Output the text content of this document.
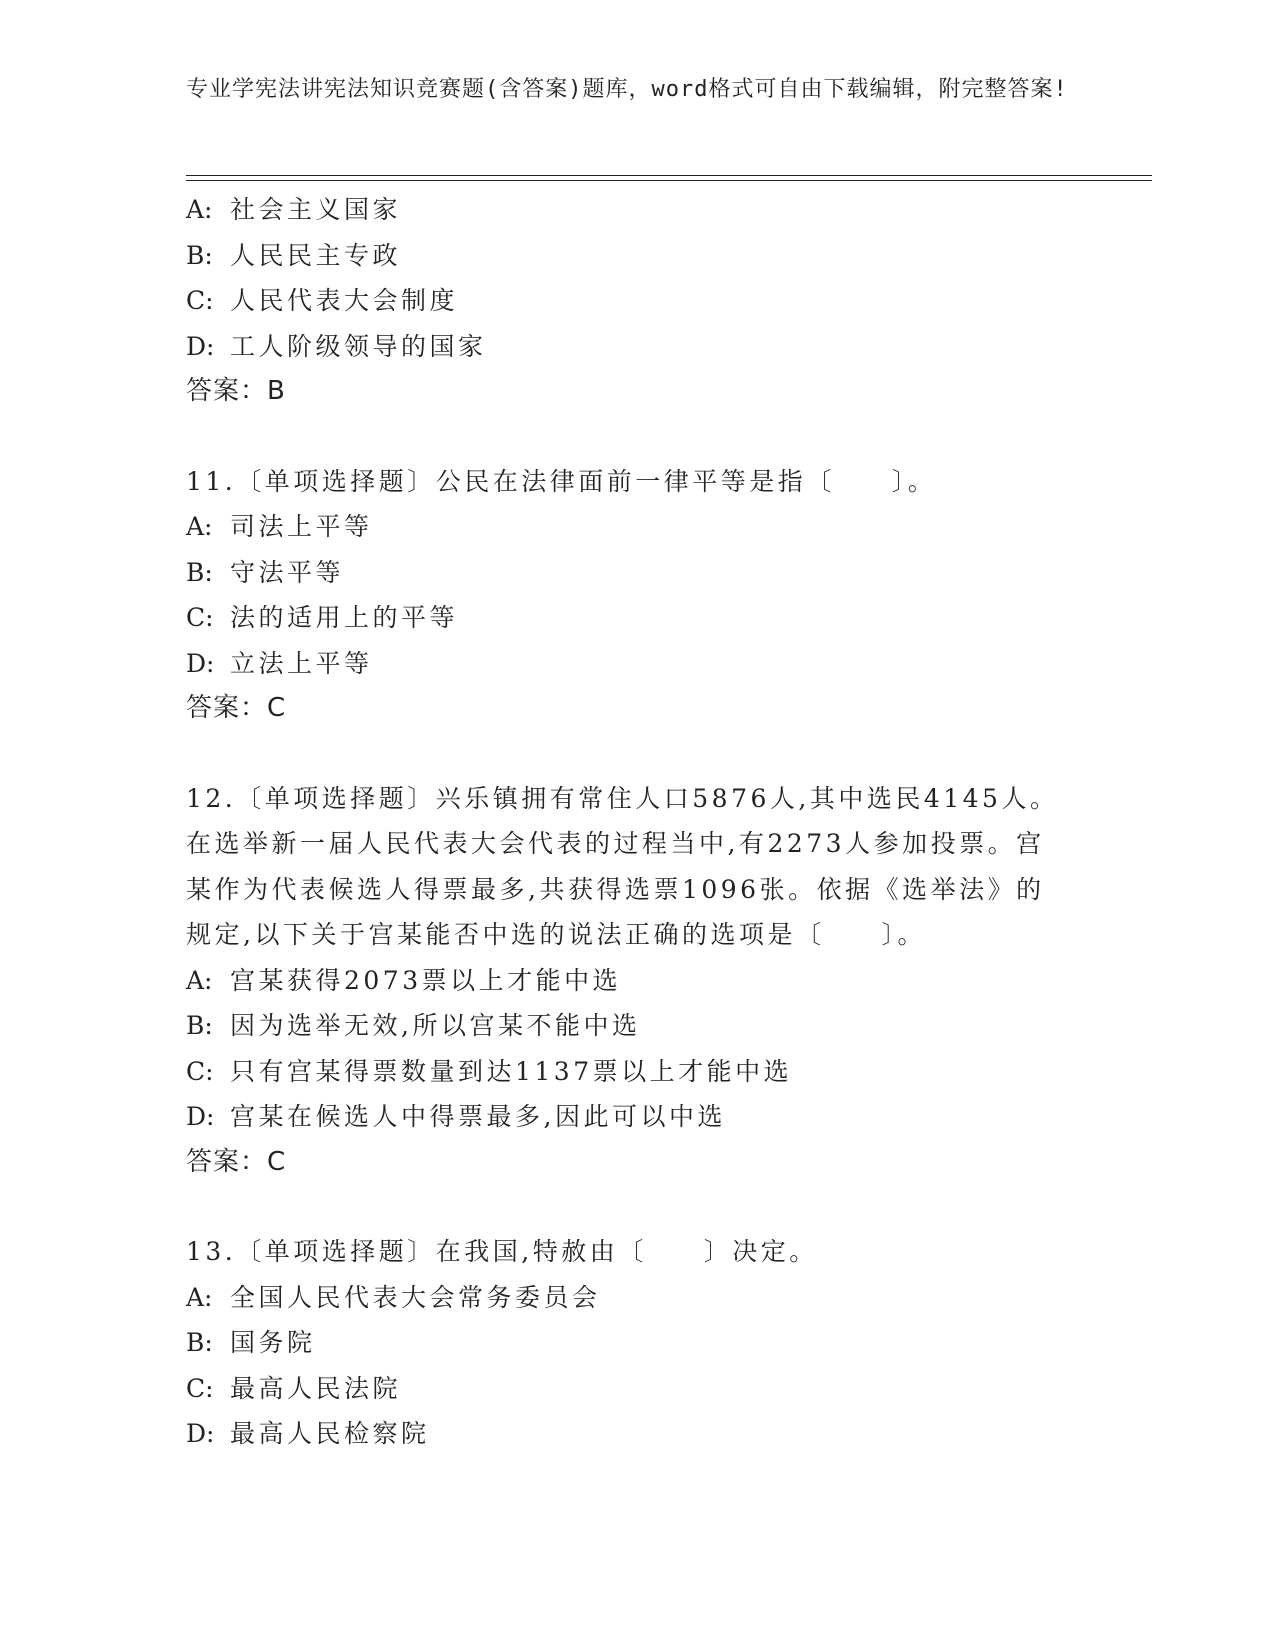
专业学宪法讲宪法知识竞赛题(含答案)题库，word格式可自由下载编辑，附完整答案!
A: 社会主义国家
B: 人民民主专政
C: 人民代表大会制度
D: 工人阶级领导的国家
答案：B
11.〔单项选择题〕公民在法律面前一律平等是指〔　　〕。
A: 司法上平等
B: 守法平等
C: 法的适用上的平等
D: 立法上平等
答案：C
12.〔单项选择题〕兴乐镇拥有常住人口5876人,其中选民4145人。
在选举新一届人民代表大会代表的过程当中,有2273人参加投票。宫
某作为代表候选人得票最多,共获得选票1096张。依据《选举法》的
规定,以下关于宫某能否中选的说法正确的选项是〔　　〕。
A: 宫某获得2073票以上才能中选
B: 因为选举无效,所以宫某不能中选
C: 只有宫某得票数量到达1137票以上才能中选
D: 宫某在候选人中得票最多,因此可以中选
答案：C
13.〔单项选择题〕在我国,特赦由〔　　〕决定。
A: 全国人民代表大会常务委员会
B: 国务院
C: 最高人民法院
D: 最高人民检察院
